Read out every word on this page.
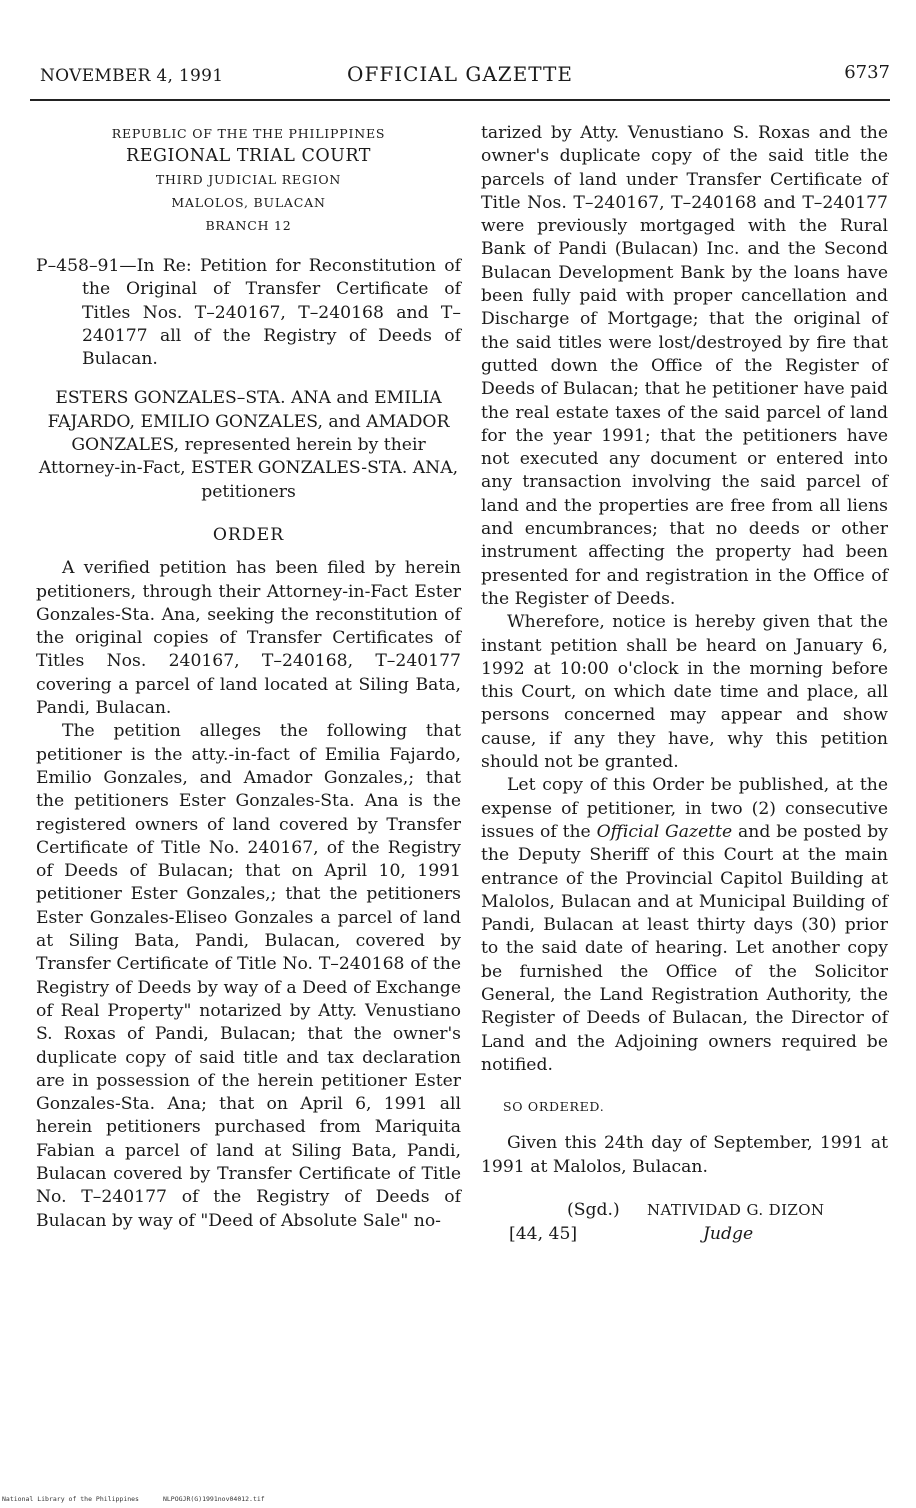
NOVEMBER 4, 1991	OFFICIAL GAZETTE	6737
REPUBLIC OF THE THE PHILIPPINES
REGIONAL TRIAL COURT
THIRD JUDICIAL REGION
MALOLOS, BULACAN
BRANCH 12
P–458–91—In Re: Petition for Reconstitution of the Original of Transfer Certificate of Titles Nos. T–240167, T–240168 and T–240177 all of the Registry of Deeds of Bulacan.
ESTERS GONZALES–STA. ANA and EMILIA FAJARDO, EMILIO GONZALES, and AMADOR GONZALES, represented herein by their Attorney-in-Fact, ESTER GONZALES-STA. ANA, petitioners
ORDER

A verified petition has been filed by herein petitioners, through their Attorney-in-Fact Ester Gonzales-Sta. Ana, seeking the reconstitution of the original copies of Transfer Certificates of Titles Nos. 240167, T–240168, T–240177 covering a parcel of land located at Siling Bata, Pandi, Bulacan.

The petition alleges the following that petitioner is the atty.-in-fact of Emilia Fajardo, Emilio Gonzales, and Amador Gonzales,; that the petitioners Ester Gonzales-Sta. Ana is the registered owners of land covered by Transfer Certificate of Title No. 240167, of the Registry of Deeds of Bulacan; that on April 10, 1991 petitioner Ester Gonzales,; that the petitioners Ester Gonzales-Eliseo Gonzales a parcel of land at Siling Bata, Pandi, Bulacan, covered by Transfer Certificate of Title No. T–240168 of the Registry of Deeds by way of a Deed of Exchange of Real Property" notarized by Atty. Venustiano S. Roxas of Pandi, Bulacan; that the owner's duplicate copy of said title and tax declaration are in possession of the herein petitioner Ester Gonzales-Sta. Ana; that on April 6, 1991 all herein petitioners purchased from Mariquita Fabian a parcel of land at Siling Bata, Pandi, Bulacan covered by Transfer Certificate of Title No. T–240177 of the Registry of Deeds of Bulacan by way of "Deed of Absolute Sale" no-

tarized by Atty. Venustiano S. Roxas and the owner's duplicate copy of the said title the parcels of land under Transfer Certificate of Title Nos. T–240167, T–240168 and T–240177 were previously mortgaged with the Rural Bank of Pandi (Bulacan) Inc. and the Second Bulacan Development Bank by the loans have been fully paid with proper cancellation and Discharge of Mortgage; that the original of the said titles were lost/destroyed by fire that gutted down the Office of the Register of Deeds of Bulacan; that he petitioner have paid the real estate taxes of the said parcel of land for the year 1991; that the petitioners have not executed any document or entered into any transaction involving the said parcel of land and the properties are free from all liens and encumbrances; that no deeds or other instrument affecting the property had been presented for and registration in the Office of the Register of Deeds.

Wherefore, notice is hereby given that the instant petition shall be heard on January 6, 1992 at 10:00 o'clock in the morning before this Court, on which date time and place, all persons concerned may appear and show cause, if any they have, why this petition should not be granted.

Let copy of this Order be published, at the expense of petitioner, in two (2) consecutive issues of the Official Gazette and be posted by the Deputy Sheriff of this Court at the main entrance of the Provincial Capitol Building at Malolos, Bulacan and at Municipal Building of Pandi, Bulacan at least thirty days (30) prior to the said date of hearing. Let another copy be furnished the Office of the Solicitor General, the Land Registration Authority, the Register of Deeds of Bulacan, the Director of Land and the Adjoining owners required be notified.

SO ORDERED.
Given this 24th day of September, 1991 at 1991 at Malolos, Bulacan.
(Sgd.) NATIVIDAD G. DIZON
[44, 45]	Judge
National Library of the Philippines	NLPOGJR(G)1991nov04012.tif
